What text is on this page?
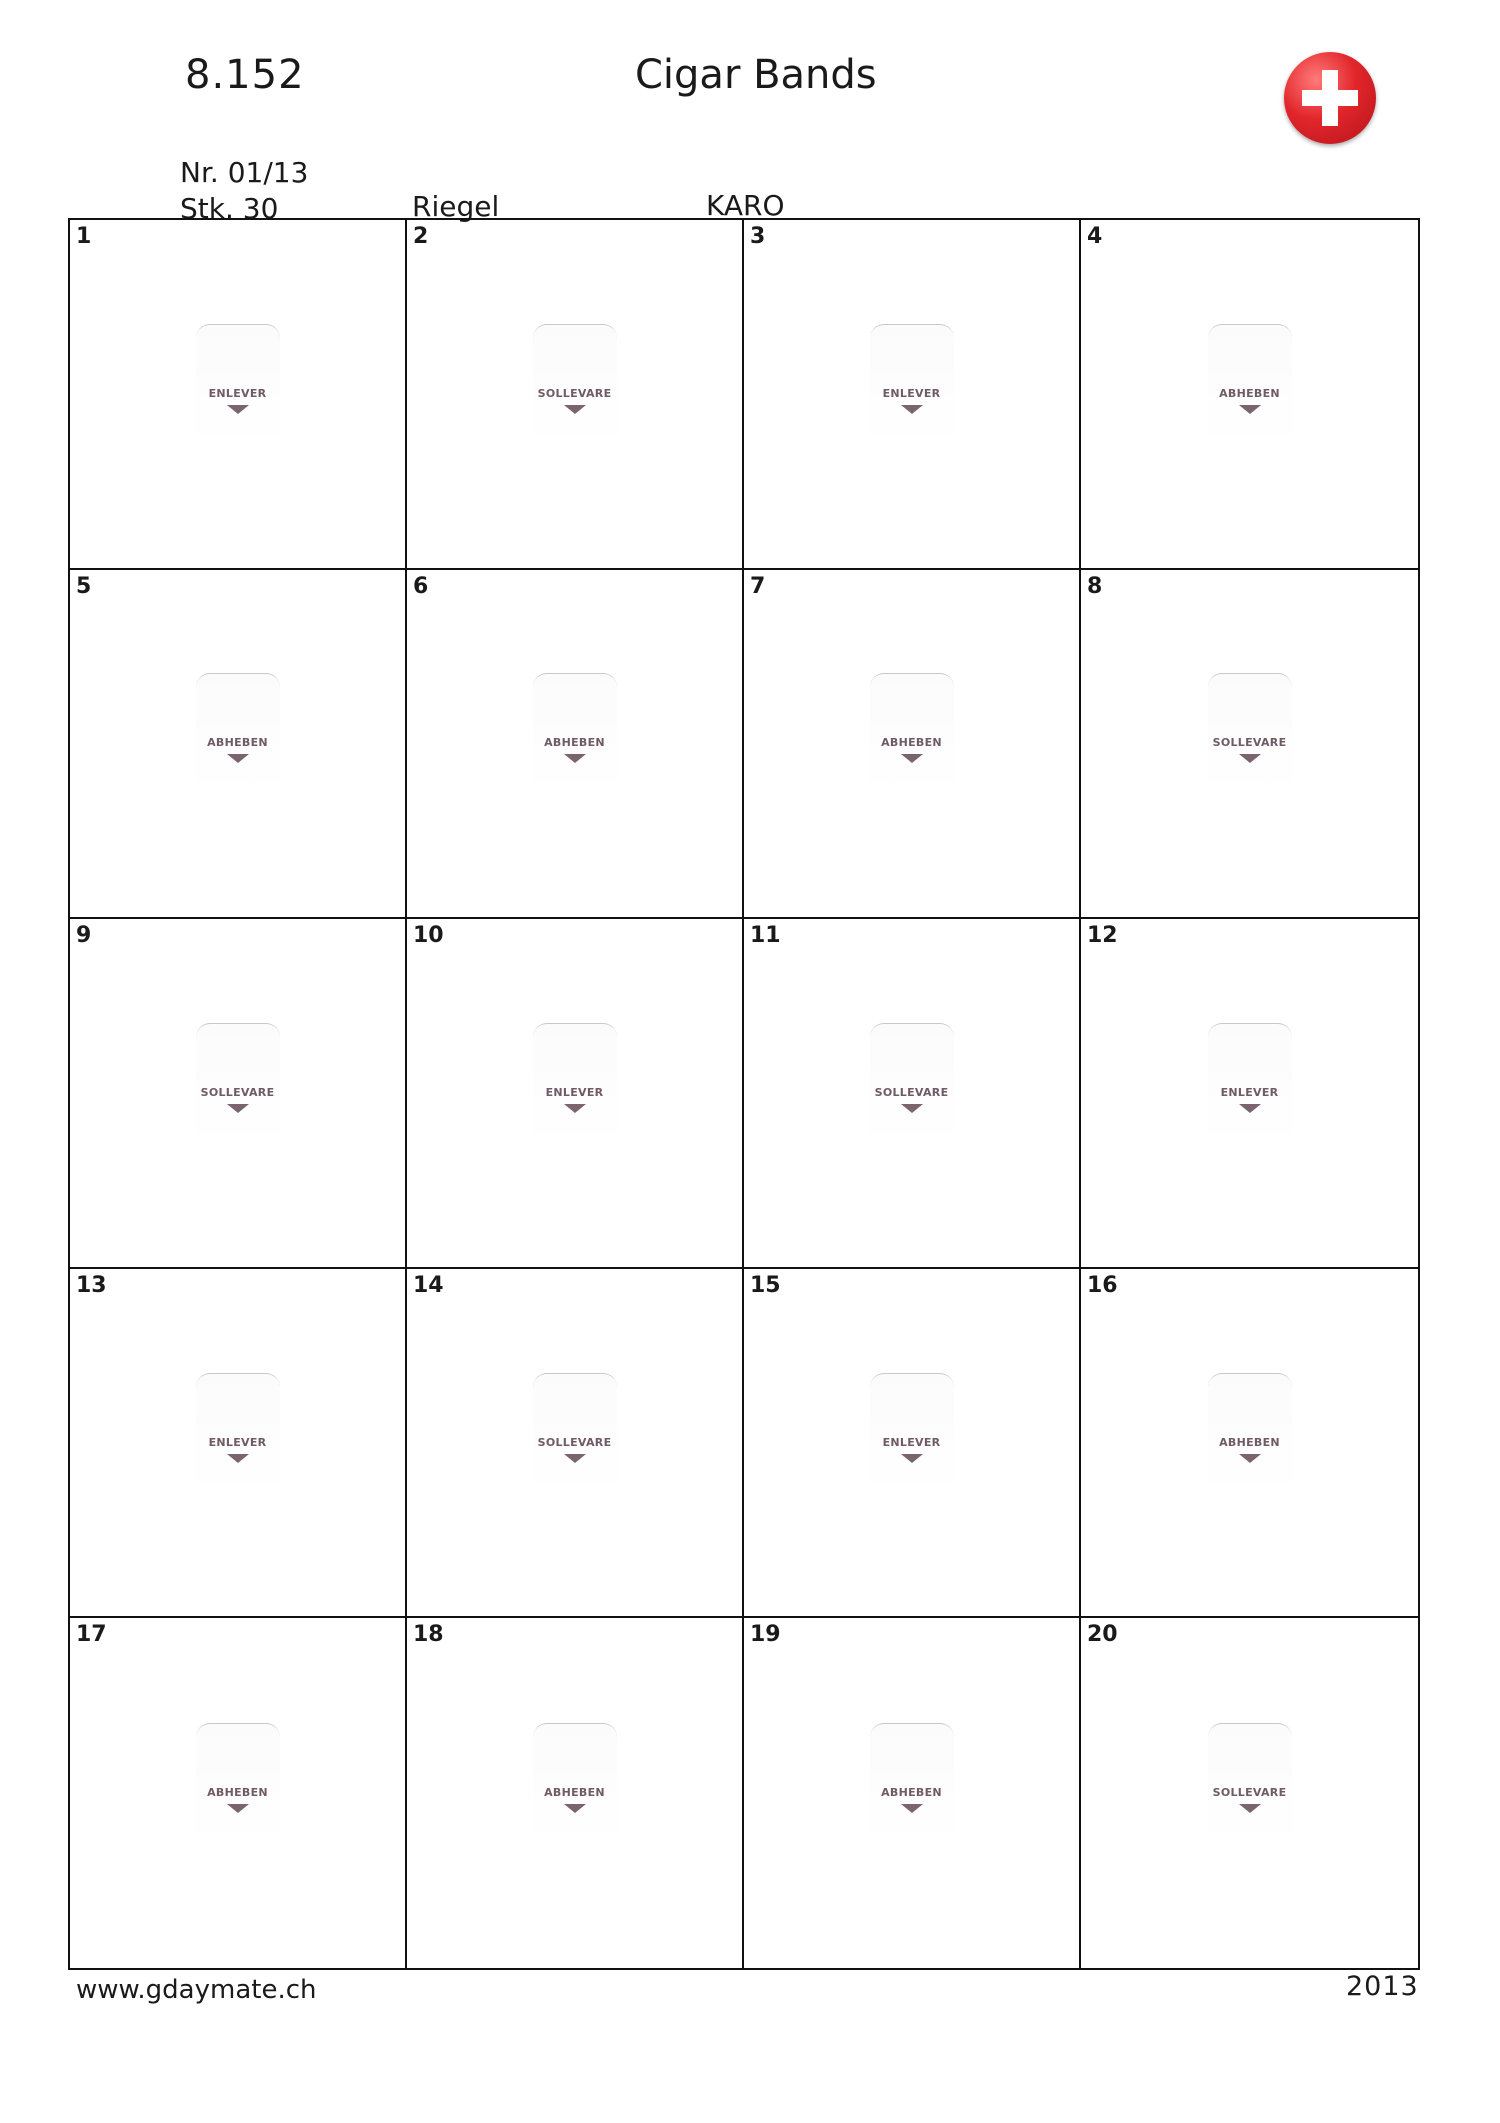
8.152	Cigar Bands
Nr. 01/13
Stk. 30	Riegel	KARO
1
ENLEVER
2
SOLLEVARE
3
ENLEVER
4
ABHEBEN
5
ABHEBEN
6
ABHEBEN
7
ABHEBEN
8
SOLLEVARE
9
SOLLEVARE
10
ENLEVER
11
SOLLEVARE
12
ENLEVER
13
ENLEVER
14
SOLLEVARE
15
ENLEVER
16
ABHEBEN
17
ABHEBEN
18
ABHEBEN
19
ABHEBEN
20
SOLLEVARE
www.gdaymate.ch	2013
